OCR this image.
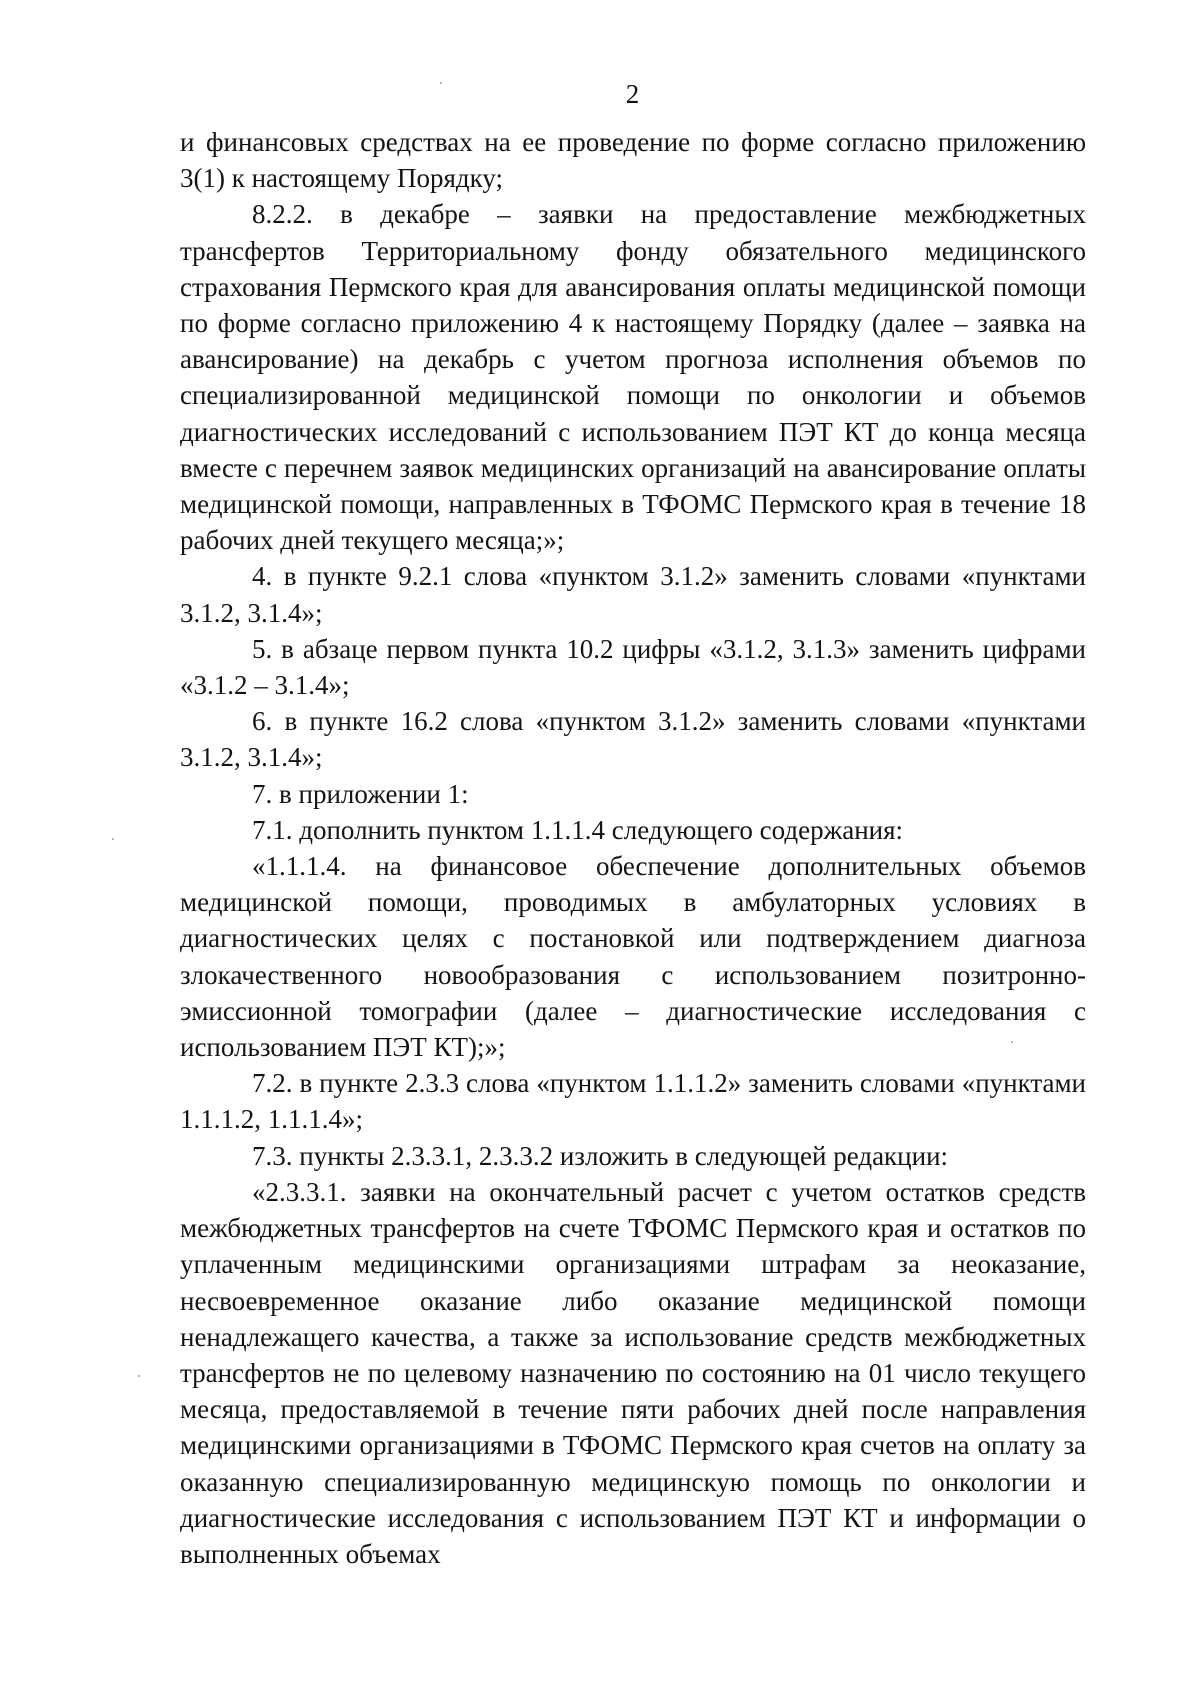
2

и финансовых средствах на ее проведение по форме согласно приложению 3(1) к настоящему Порядку;

8.2.2. в декабре – заявки на предоставление межбюджетных трансфертов Территориальному фонду обязательного медицинского страхования Пермского края для авансирования оплаты медицинской помощи по форме согласно приложению 4 к настоящему Порядку (далее – заявка на авансирование) на декабрь с учетом прогноза исполнения объемов по специализированной медицинской помощи по онкологии и объемов диагностических исследований с использованием ПЭТ КТ до конца месяца вместе с перечнем заявок медицинских организаций на авансирование оплаты медицинской помощи, направленных в ТФОМС Пермского края в течение 18 рабочих дней текущего месяца;»;

4. в пункте 9.2.1 слова «пунктом 3.1.2» заменить словами «пунктами 3.1.2, 3.1.4»;

5. в абзаце первом пункта 10.2 цифры «3.1.2, 3.1.3» заменить цифрами «3.1.2 – 3.1.4»;

6. в пункте 16.2 слова «пунктом 3.1.2» заменить словами «пунктами 3.1.2, 3.1.4»;

7. в приложении 1:

7.1. дополнить пунктом 1.1.1.4 следующего содержания:

«1.1.1.4. на финансовое обеспечение дополнительных объемов медицинской помощи, проводимых в амбулаторных условиях в диагностических целях с постановкой или подтверждением диагноза злокачественного новообразования с использованием позитронно-эмиссионной томографии (далее – диагностические исследования с использованием ПЭТ КТ);»;

7.2. в пункте 2.3.3 слова «пунктом 1.1.1.2» заменить словами «пунктами 1.1.1.2, 1.1.1.4»;

7.3. пункты 2.3.3.1, 2.3.3.2 изложить в следующей редакции:

«2.3.3.1. заявки на окончательный расчет с учетом остатков средств межбюджетных трансфертов на счете ТФОМС Пермского края и остатков по уплаченным медицинскими организациями штрафам за неоказание, несвоевременное оказание либо оказание медицинской помощи ненадлежащего качества, а также за использование средств межбюджетных трансфертов не по целевому назначению по состоянию на 01 число текущего месяца, предоставляемой в течение пяти рабочих дней после направления медицинскими организациями в ТФОМС Пермского края счетов на оплату за оказанную специализированную медицинскую помощь по онкологии и диагностические исследования с использованием ПЭТ КТ и информации о выполненных объемах
